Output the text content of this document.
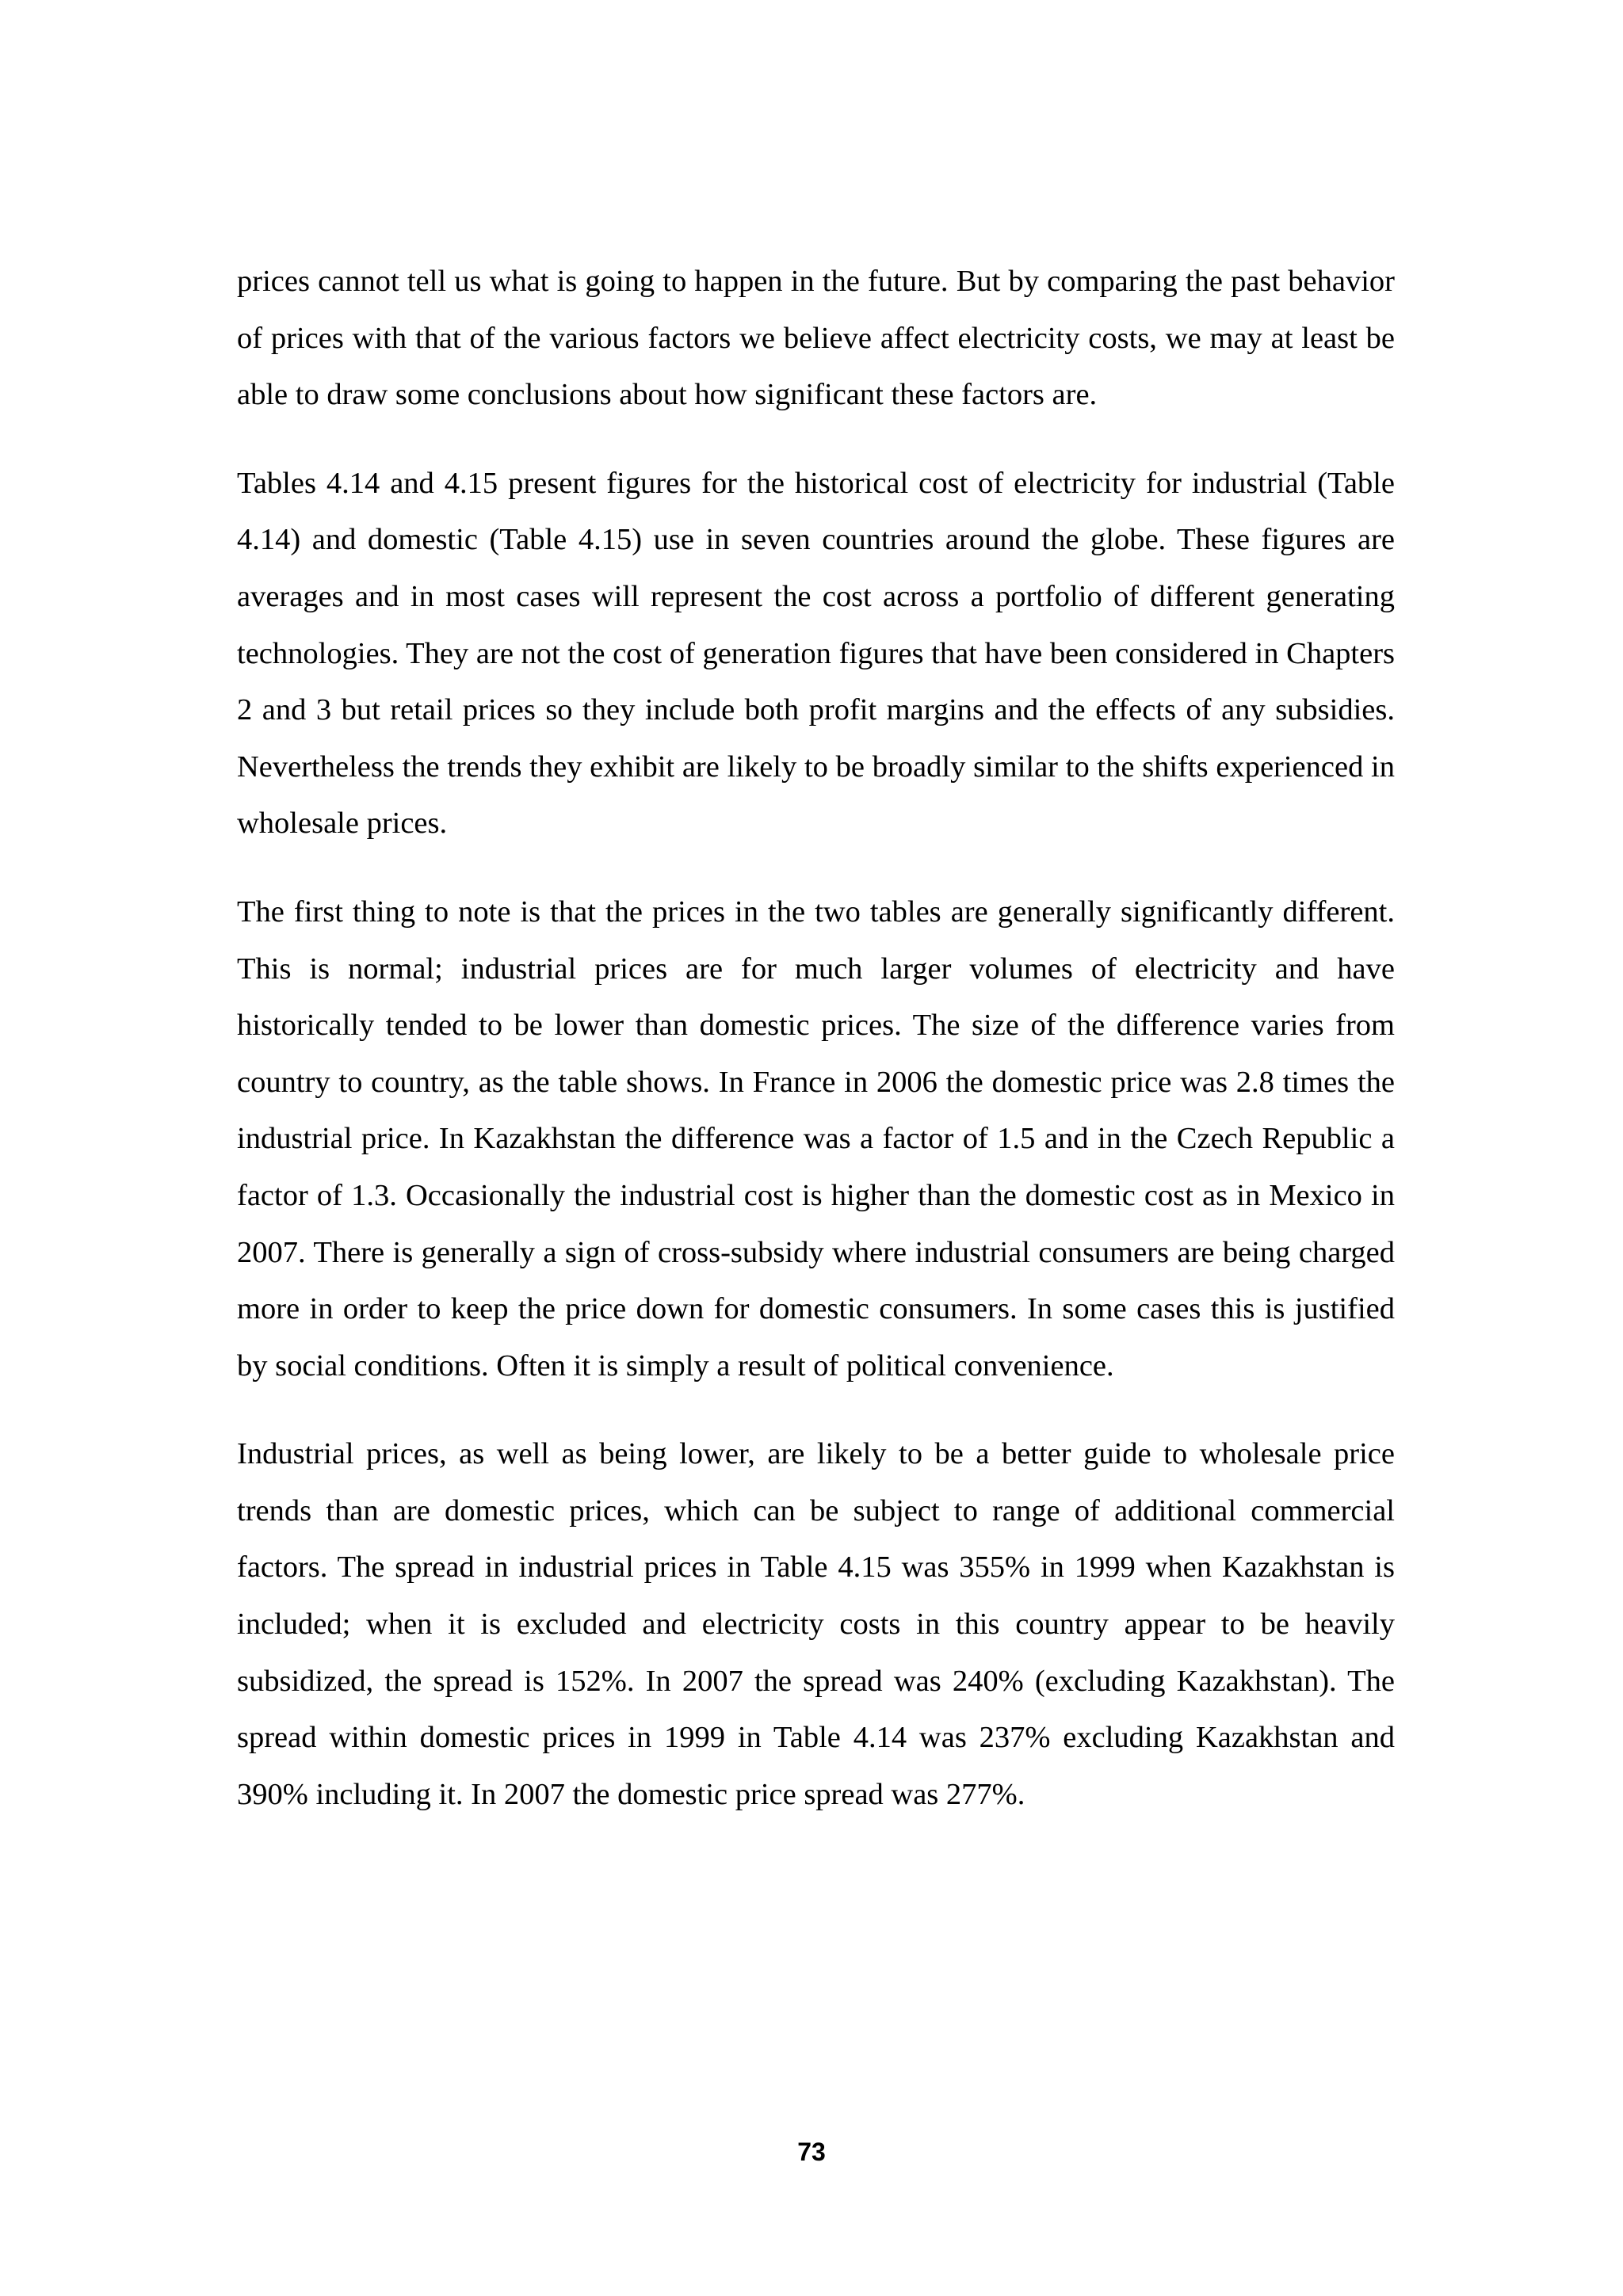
prices cannot tell us what is going to happen in the future. But by comparing the past behavior of prices with that of the various factors we believe affect electricity costs, we may at least be able to draw some conclusions about how significant these factors are.

Tables 4.14 and 4.15 present figures for the historical cost of electricity for industrial (Table 4.14) and domestic (Table 4.15) use in seven countries around the globe. These figures are averages and in most cases will represent the cost across a portfolio of different generating technologies. They are not the cost of generation figures that have been considered in Chapters 2 and 3 but retail prices so they include both profit margins and the effects of any subsidies. Nevertheless the trends they exhibit are likely to be broadly similar to the shifts experienced in wholesale prices.

The first thing to note is that the prices in the two tables are generally significantly different. This is normal; industrial prices are for much larger volumes of electricity and have historically tended to be lower than domestic prices. The size of the difference varies from country to country, as the table shows. In France in 2006 the domestic price was 2.8 times the industrial price. In Kazakhstan the difference was a factor of 1.5 and in the Czech Republic a factor of 1.3. Occasionally the industrial cost is higher than the domestic cost as in Mexico in 2007. There is generally a sign of cross-subsidy where industrial consumers are being charged more in order to keep the price down for domestic consumers. In some cases this is justified by social conditions. Often it is simply a result of political convenience.

Industrial prices, as well as being lower, are likely to be a better guide to wholesale price trends than are domestic prices, which can be subject to range of additional commercial factors. The spread in industrial prices in Table 4.15 was 355% in 1999 when Kazakhstan is included; when it is excluded and electricity costs in this country appear to be heavily subsidized, the spread is 152%. In 2007 the spread was 240% (excluding Kazakhstan). The spread within domestic prices in 1999 in Table 4.14 was 237% excluding Kazakhstan and 390% including it. In 2007 the domestic price spread was 277%.

73
